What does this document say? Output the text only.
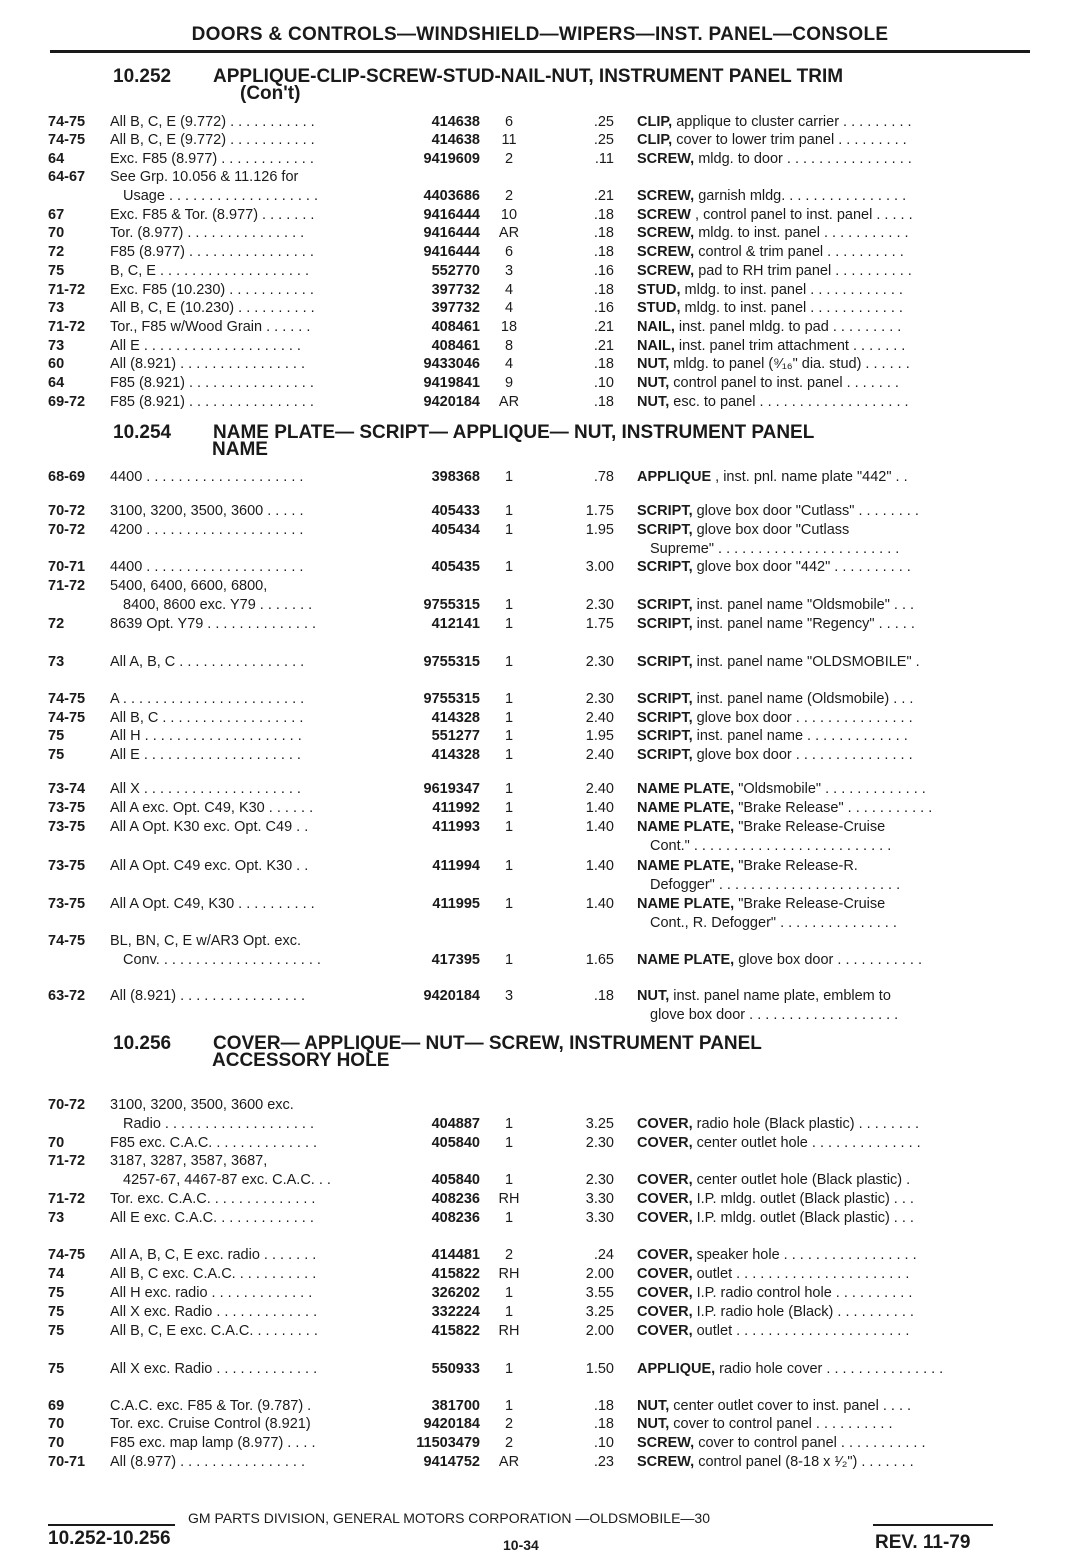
DOORS & CONTROLS—WINDSHIELD—WIPERS—INST. PANEL—CONSOLE
10.252	APPLIQUE-CLIP-SCREW-STUD-NAIL-NUT, INSTRUMENT PANEL TRIM
(Con't)
10.254	NAME PLATE— SCRIPT— APPLIQUE— NUT, INSTRUMENT PANEL
NAME
10.256	COVER— APPLIQUE— NUT— SCREW, INSTRUMENT PANEL
ACCESSORY HOLE
74-75 All B, C, E (9.772) . . . . . . . . . . .	414638	6	.25 CLIP, applique to cluster carrier . . . . . . . . .
74-75 All B, C, E (9.772) . . . . . . . . . . .	414638	11	.25 CLIP, cover to lower trim panel . . . . . . . . .
64	Exc. F85 (8.977) . . . . . . . . . . . .	9419609	2	.11 SCREW, mldg. to door . . . . . . . . . . . . . . . .
64-67 See Grp. 10.056 & 11.126 for
Usage . . . . . . . . . . . . . . . . . . .	4403686	2	.21 SCREW, garnish mldg. . . . . . . . . . . . . . . .
67	Exc. F85 & Tor. (8.977) . . . . . . .	9416444	10	.18 SCREW , control panel to inst. panel . . . . .
70	Tor. (8.977) . . . . . . . . . . . . . . .	9416444	AR	.18 SCREW, mldg. to inst. panel . . . . . . . . . . .
72	F85 (8.977) . . . . . . . . . . . . . . . .	9416444	6	.18 SCREW, control & trim panel . . . . . . . . . .
75	B, C, E . . . . . . . . . . . . . . . . . . .	552770	3	.16 SCREW, pad to RH trim panel . . . . . . . . . .
71-72 Exc. F85 (10.230) . . . . . . . . . . .	397732	4	.18 STUD, mldg. to inst. panel . . . . . . . . . . . .
73	All B, C, E (10.230) . . . . . . . . . .	397732	4	.16 STUD, mldg. to inst. panel . . . . . . . . . . . .
71-72 Tor., F85 w/Wood Grain . . . . . .	408461	18	.21 NAIL, inst. panel mldg. to pad . . . . . . . . .
73	All E . . . . . . . . . . . . . . . . . . . .	408461	8	.21 NAIL, inst. panel trim attachment . . . . . . .
60	All (8.921) . . . . . . . . . . . . . . . .	9433046	4	.18 NUT, mldg. to panel (⁹⁄₁₆" dia. stud) . . . . . .
64	F85 (8.921) . . . . . . . . . . . . . . . .	9419841	9	.10 NUT, control panel to inst. panel . . . . . . .
69-72 F85 (8.921) . . . . . . . . . . . . . . . .	9420184	AR	.18 NUT, esc. to panel . . . . . . . . . . . . . . . . . . .
68-69 4400 . . . . . . . . . . . . . . . . . . . .	398368	1	.78 APPLIQUE , inst. pnl. name plate "442" . .
70-72 3100, 3200, 3500, 3600 . . . . .	405433	1	1.75 SCRIPT, glove box door "Cutlass" . . . . . . . .
70-72 4200 . . . . . . . . . . . . . . . . . . . .	405434	1	1.95 SCRIPT, glove box door "Cutlass
Supreme" . . . . . . . . . . . . . . . . . . . . . . .
70-71 4400 . . . . . . . . . . . . . . . . . . . .	405435	1	3.00 SCRIPT, glove box door "442" . . . . . . . . . .
71-72 5400, 6400, 6600, 6800,
8400, 8600 exc. Y79 . . . . . . .	9755315	1	2.30 SCRIPT, inst. panel name "Oldsmobile" . . .
72	8639 Opt. Y79 . . . . . . . . . . . . . .	412141	1	1.75 SCRIPT, inst. panel name "Regency" . . . . .
73	All A, B, C . . . . . . . . . . . . . . . .	9755315	1	2.30 SCRIPT, inst. panel name "OLDSMOBILE" .
74-75 A . . . . . . . . . . . . . . . . . . . . . . .	9755315	1	2.30 SCRIPT, inst. panel name (Oldsmobile) . . .
74-75 All B, C . . . . . . . . . . . . . . . . . .	414328	1	2.40 SCRIPT, glove box door . . . . . . . . . . . . . . .
75	All H . . . . . . . . . . . . . . . . . . . .	551277	1	1.95 SCRIPT, inst. panel name . . . . . . . . . . . . .
75	All E . . . . . . . . . . . . . . . . . . . .	414328	1	2.40 SCRIPT, glove box door . . . . . . . . . . . . . . .
73-74 All X . . . . . . . . . . . . . . . . . . . .	9619347	1	2.40 NAME PLATE, "Oldsmobile" . . . . . . . . . . . . .
73-75 All A exc. Opt. C49, K30 . . . . . .	411992	1	1.40 NAME PLATE, "Brake Release" . . . . . . . . . . .
73-75 All A Opt. K30 exc. Opt. C49 . .	411993	1	1.40 NAME PLATE, "Brake Release-Cruise
Cont." . . . . . . . . . . . . . . . . . . . . . . . . .
73-75 All A Opt. C49 exc. Opt. K30 . .	411994	1	1.40 NAME PLATE, "Brake Release-R.
Defogger" . . . . . . . . . . . . . . . . . . . . . . .
73-75 All A Opt. C49, K30 . . . . . . . . . .	411995	1	1.40 NAME PLATE, "Brake Release-Cruise
Cont., R. Defogger" . . . . . . . . . . . . . . .
74-75 BL, BN, C, E w/AR3 Opt. exc.
Conv. . . . . . . . . . . . . . . . . . . . .	417395	1	1.65 NAME PLATE, glove box door . . . . . . . . . . .
63-72 All (8.921) . . . . . . . . . . . . . . . .	9420184	3	.18 NUT, inst. panel name plate, emblem to
glove box door . . . . . . . . . . . . . . . . . . .
70-72 3100, 3200, 3500, 3600 exc.
Radio . . . . . . . . . . . . . . . . . . .	404887	1	3.25 COVER, radio hole (Black plastic) . . . . . . . .
70	F85 exc. C.A.C. . . . . . . . . . . . . .	405840	1	2.30 COVER, center outlet hole . . . . . . . . . . . . . .
71-72 3187, 3287, 3587, 3687,
4257-67, 4467-87 exc. C.A.C. . .	405840	1	2.30 COVER, center outlet hole (Black plastic) .
71-72 Tor. exc. C.A.C. . . . . . . . . . . . . .	408236	RH	3.30 COVER, I.P. mldg. outlet (Black plastic) . . .
73	All E exc. C.A.C. . . . . . . . . . . . .	408236	1	3.30 COVER, I.P. mldg. outlet (Black plastic) . . .
74-75 All A, B, C, E exc. radio . . . . . . .	414481	2	.24 COVER, speaker hole . . . . . . . . . . . . . . . . .
74	All B, C exc. C.A.C. . . . . . . . . . .	415822	RH	2.00 COVER, outlet . . . . . . . . . . . . . . . . . . . . . .
75	All H exc. radio . . . . . . . . . . . . .	326202	1	3.55 COVER, I.P. radio control hole . . . . . . . . . .
75	All X exc. Radio . . . . . . . . . . . . .	332224	1	3.25 COVER, I.P. radio hole (Black) . . . . . . . . . .
75	All B, C, E exc. C.A.C. . . . . . . . .	415822	RH	2.00 COVER, outlet . . . . . . . . . . . . . . . . . . . . . .
75	All X exc. Radio . . . . . . . . . . . . .	550933	1	1.50 APPLIQUE, radio hole cover . . . . . . . . . . . . . . .
69	C.A.C. exc. F85 & Tor. (9.787) .	381700	1	.18 NUT, center outlet cover to inst. panel . . . .
70	Tor. exc. Cruise Control (8.921)	9420184	2	.18 NUT, cover to control panel . . . . . . . . . .
70	F85 exc. map lamp (8.977) . . . .	11503479	2	.10 SCREW, cover to control panel . . . . . . . . . . .
70-71 All (8.977) . . . . . . . . . . . . . . . .	9414752	AR	.23 SCREW, control panel (8-18 x ¹⁄₂") . . . . . . .
GM PARTS DIVISION, GENERAL MOTORS CORPORATION —OLDSMOBILE—30
10.252-10.256	10-34	REV. 11-79
